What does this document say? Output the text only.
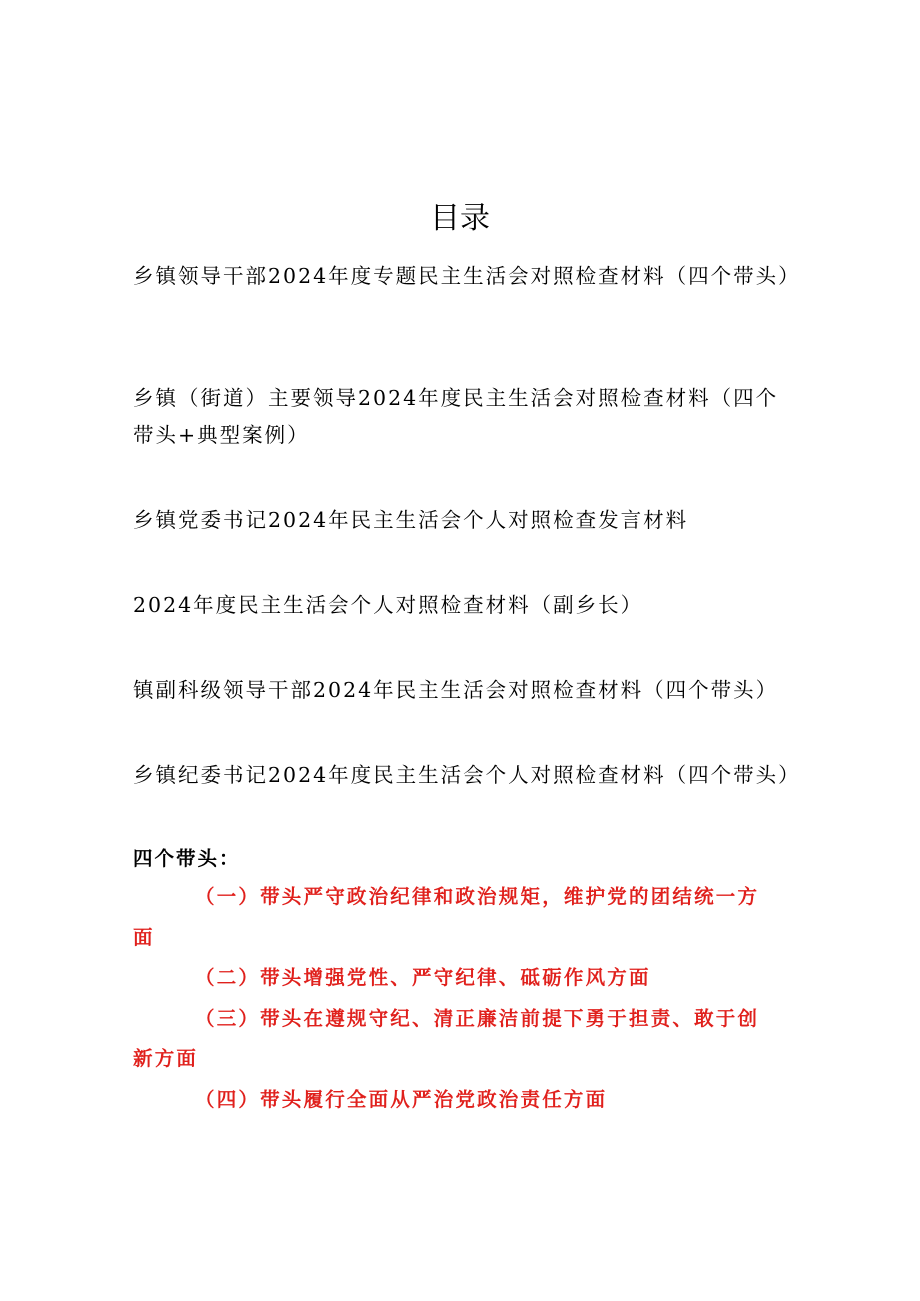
目录
乡镇领导干部2024年度专题民主生活会对照检查材料（四个带头）
乡镇（街道）主要领导2024年度民主生活会对照检查材料（四个带头+典型案例）
乡镇党委书记2024年民主生活会个人对照检查发言材料
2024年度民主生活会个人对照检查材料（副乡长）
镇副科级领导干部2024年民主生活会对照检查材料（四个带头）
乡镇纪委书记2024年度民主生活会个人对照检查材料（四个带头）
四个带头：
（一）带头严守政治纪律和政治规矩，维护党的团结统一方面
（二）带头增强党性、严守纪律、砥砺作风方面
（三）带头在遵规守纪、清正廉洁前提下勇于担责、敢于创新方面
（四）带头履行全面从严治党政治责任方面
